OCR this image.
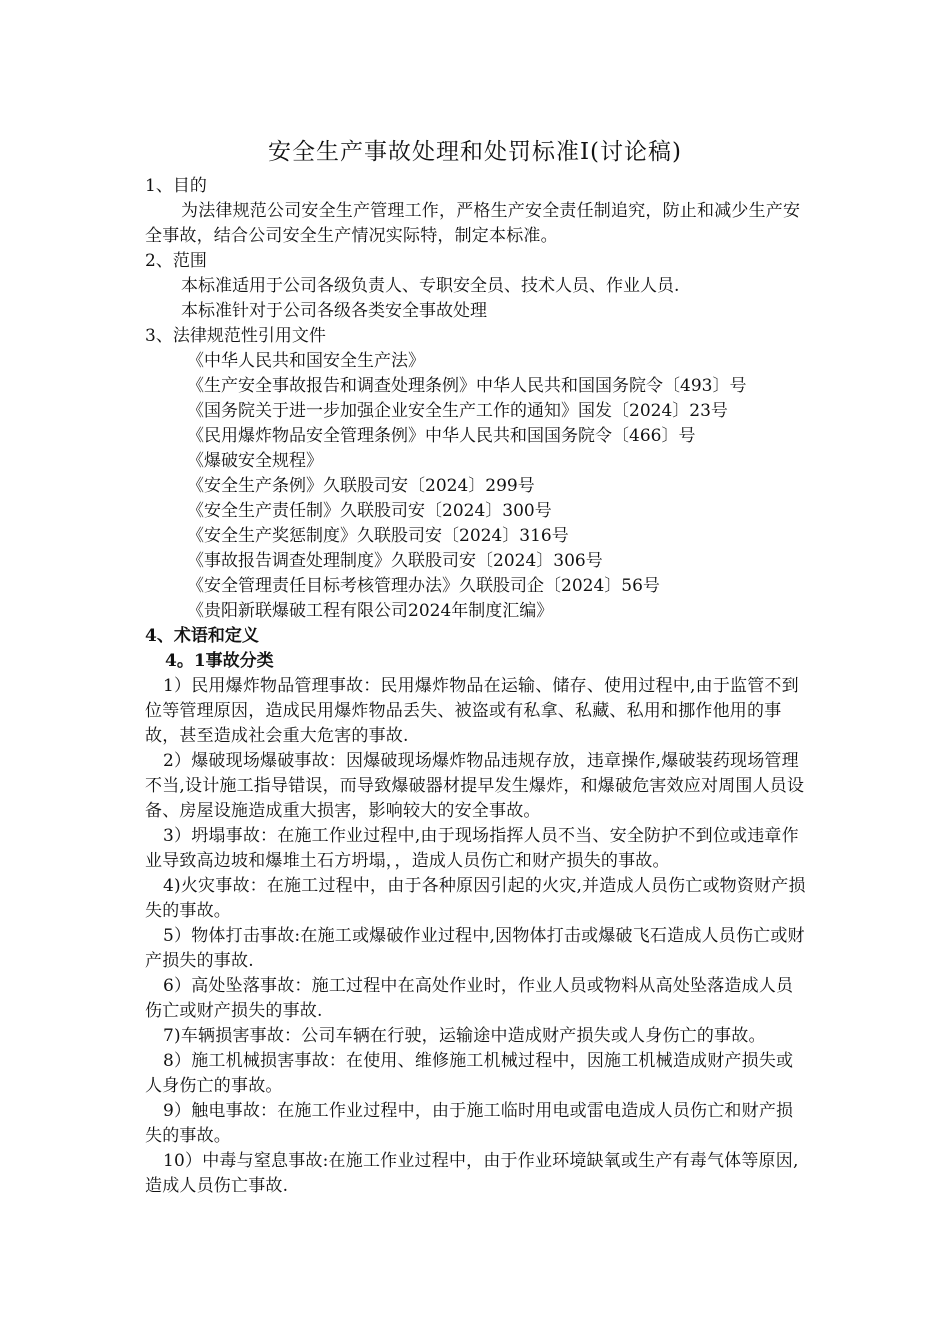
安全生产事故处理和处罚标准Ⅰ(讨论稿)
1、目的

为法律规范公司安全生产管理工作，严格生产安全责任制追究，防止和减少生产安全事故，结合公司安全生产情况实际特，制定本标准。

2、范围
本标准适用于公司各级负责人、专职安全员、技术人员、作业人员.
本标准针对于公司各级各类安全事故处理
3、法律规范性引用文件
《中华人民共和国安全生产法》
《生产安全事故报告和调查处理条例》中华人民共和国国务院令〔493〕号
《国务院关于进一步加强企业安全生产工作的通知》国发〔2024〕23号
《民用爆炸物品安全管理条例》中华人民共和国国务院令〔466〕号
《爆破安全规程》
《安全生产条例》久联股司安〔2024〕299号
《安全生产责任制》久联股司安〔2024〕300号
《安全生产奖惩制度》久联股司安〔2024〕316号
《事故报告调查处理制度》久联股司安〔2024〕306号
《安全管理责任目标考核管理办法》久联股司企〔2024〕56号
《贵阳新联爆破工程有限公司2024年制度汇编》
4、术语和定义
4。1事故分类

1）民用爆炸物品管理事故：民用爆炸物品在运输、储存、使用过程中,由于监管不到位等管理原因，造成民用爆炸物品丢失、被盗或有私拿、私藏、私用和挪作他用的事故，甚至造成社会重大危害的事故.

2）爆破现场爆破事故：因爆破现场爆炸物品违规存放，违章操作,爆破装药现场管理不当,设计施工指导错误，而导致爆破器材提早发生爆炸，和爆破危害效应对周围人员设备、房屋设施造成重大损害，影响较大的安全事故。

3）坍塌事故：在施工作业过程中,由于现场指挥人员不当、安全防护不到位或违章作业导致高边坡和爆堆土石方坍塌，，造成人员伤亡和财产损失的事故。

4)火灾事故：在施工过程中，由于各种原因引起的火灾,并造成人员伤亡或物资财产损失的事故。

5）物体打击事故:在施工或爆破作业过程中,因物体打击或爆破飞石造成人员伤亡或财产损失的事故.

6）高处坠落事故：施工过程中在高处作业时，作业人员或物料从高处坠落造成人员伤亡或财产损失的事故.

7)车辆损害事故：公司车辆在行驶，运输途中造成财产损失或人身伤亡的事故。

8）施工机械损害事故：在使用、维修施工机械过程中，因施工机械造成财产损失或人身伤亡的事故。

9）触电事故：在施工作业过程中，由于施工临时用电或雷电造成人员伤亡和财产损失的事故。

10）中毒与窒息事故:在施工作业过程中，由于作业环境缺氧或生产有毒气体等原因,造成人员伤亡事故.
